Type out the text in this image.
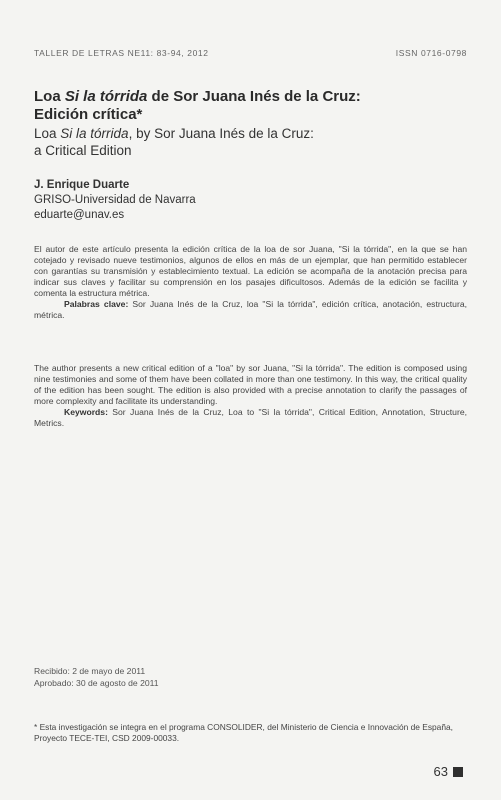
TALLER DE LETRAS NE11: 83-94, 2012	ISSN 0716-0798
Loa Si la tórrida de Sor Juana Inés de la Cruz:
Edición crítica*
Loa Si la tórrida, by Sor Juana Inés de la Cruz:
a Critical Edition
J. Enrique Duarte
GRISO-Universidad de Navarra
eduarte@unav.es

El autor de este artículo presenta la edición crítica de la loa de sor Juana, "Si la tórrida", en la que se han cotejado y revisado nueve testimonios, algunos de ellos en más de un ejemplar, que han permitido establecer con garantías su transmisión y establecimiento textual. La edición se acompaña de la anotación precisa para indicar sus claves y facilitar su comprensión en los pasajes dificultosos. Además de la edición se facilita y comenta la estructura métrica.

Palabras clave: Sor Juana Inés de la Cruz, loa "Si la tórrida", edición crítica, anotación, estructura, métrica.

The author presents a new critical edition of a "loa" by sor Juana, "Si la tórrida". The edition is composed using nine testimonies and some of them have been collated in more than one testimony. In this way, the critical quality of the edition has been sought. The edition is also provided with a precise annotation to clarify the passages of more complexity and facilitate its understanding.

Keywords: Sor Juana Inés de la Cruz, Loa to "Si la tórrida", Critical Edition, Annotation, Structure, Metrics.

Recibido: 2 de mayo de 2011
Aprobado: 30 de agosto de 2011
* Esta investigación se integra en el programa CONSOLIDER, del Ministerio de Ciencia e Innovación de España, Proyecto TECE-TEI, CSD 2009-00033.
63
